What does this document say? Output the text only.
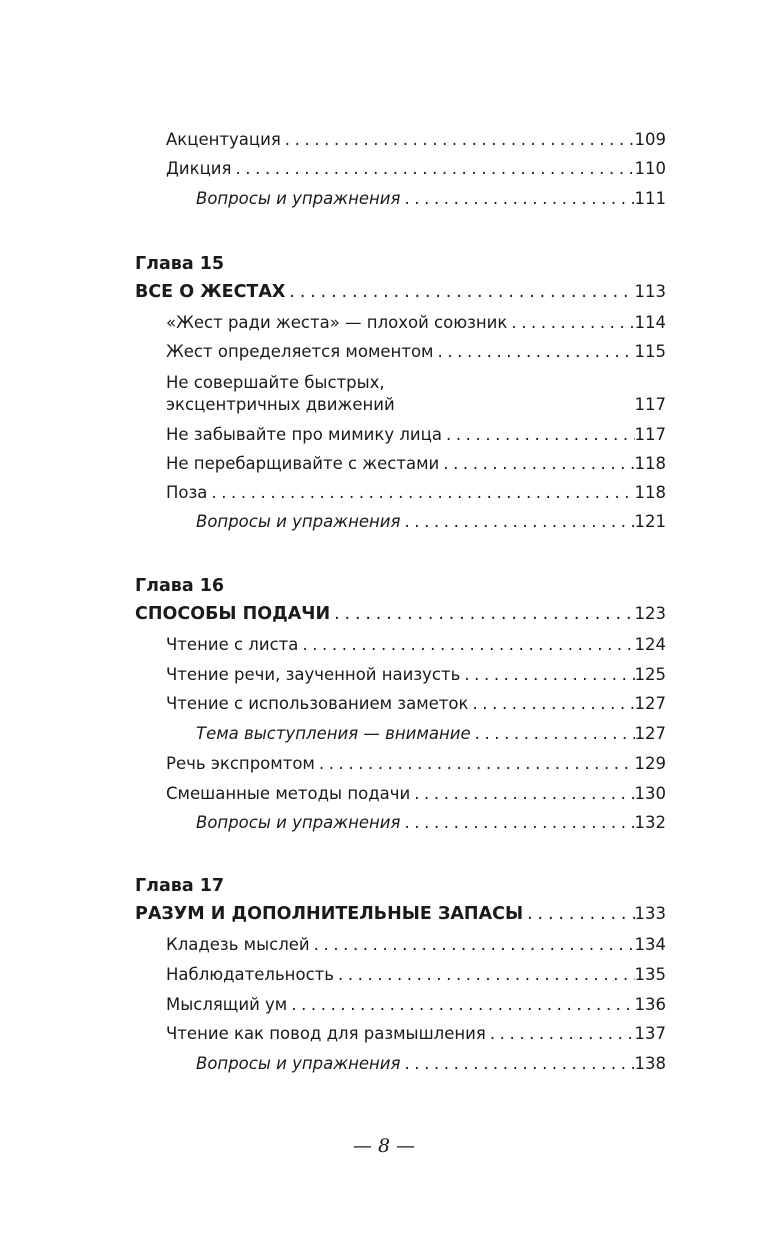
Акцентуация . . .	109
Дикция . . .	110
Вопросы и упражнения . . .	111
Глава 15
ВСЕ О ЖЕСТАХ . . .	113
«Жест ради жеста» — плохой союзник . . .	114
Жест определяется моментом . . .	115
Не совершайте быстрых,
эксцентричных движений	117
Не забывайте про мимику лица . . .	117
Не перебарщивайте с жестами . . .	118
Поза . . .	118
Вопросы и упражнения . . .	121
Глава 16
СПОСОБЫ ПОДАЧИ . . .	123
Чтение с листа . . .	124
Чтение речи, заученной наизусть . . .	125
Чтение с использованием заметок . . .	127
Тема выступления — внимание . . .	127
Речь экспромтом . . .	129
Смешанные методы подачи . . .	130
Вопросы и упражнения . . .	132
Глава 17
РАЗУМ И ДОПОЛНИТЕЛЬНЫЕ ЗАПАСЫ . . .	133
Кладезь мыслей . . .	134
Наблюдательность . . .	135
Мыслящий ум . . .	136
Чтение как повод для размышления . . .	137
Вопросы и упражнения . . .	138
— 8 —
